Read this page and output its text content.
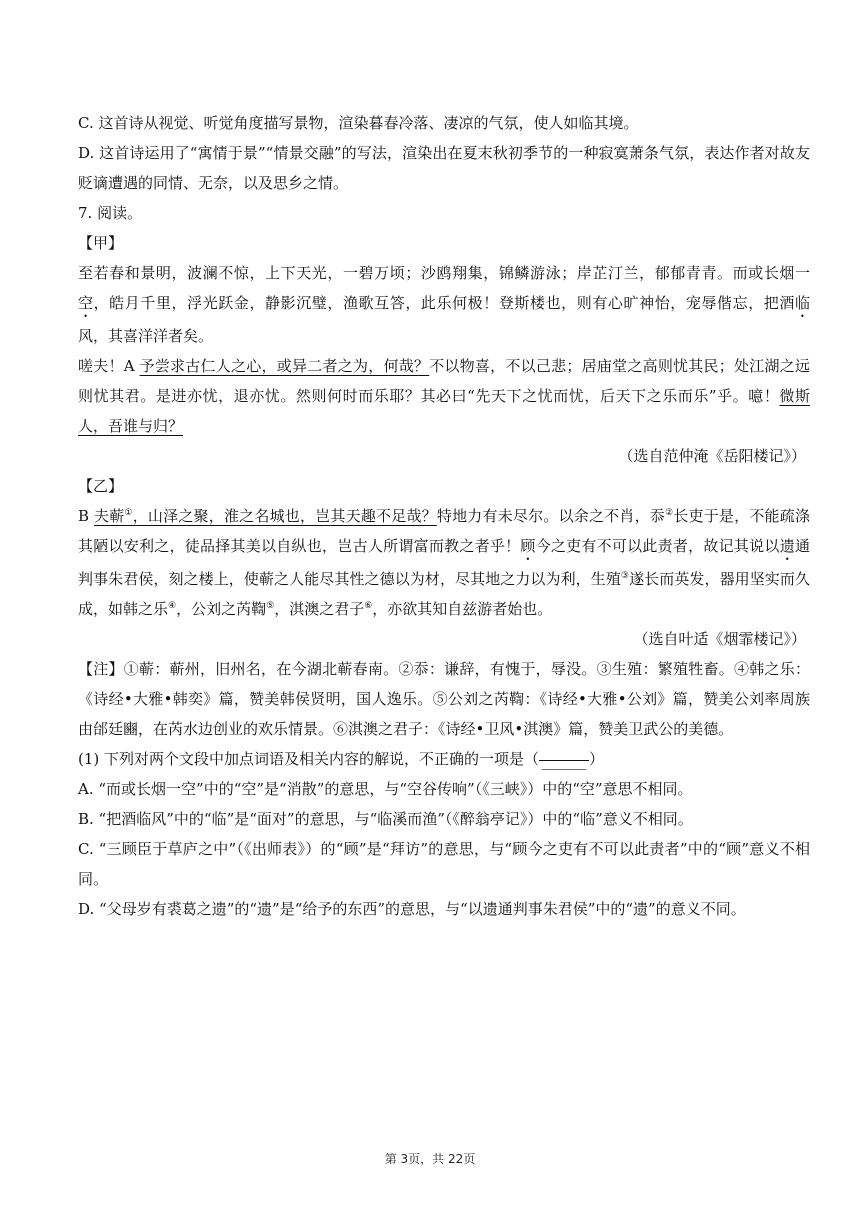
C. 这首诗从视觉、听觉角度描写景物，渲染暮春冷落、凄凉的气氛，使人如临其境。

D. 这首诗运用了“寓情于景”“情景交融”的写法，渲染出在夏末秋初季节的一种寂寞萧条气氛，表达作者对故友贬谪遭遇的同情、无奈，以及思乡之情。

7. 阅读。

【甲】

至若春和景明，波澜不惊，上下天光，一碧万顷；沙鸥翔集，锦鳞游泳；岸芷汀兰，郁郁青青。而或长烟一空，皓月千里，浮光跃金，静影沉璧，渔歌互答，此乐何极！登斯楼也，则有心旷神怡，宠辱偕忘，把酒临风，其喜洋洋者矣。

嗟夫！A 予尝求古仁人之心，或异二者之为，何哉？不以物喜，不以己悲；居庙堂之高则忧其民；处江湖之远则忧其君。是进亦忧，退亦忧。然则何时而乐耶？其必曰“先天下之忧而忧，后天下之乐而乐”乎。噫！微斯人，吾谁与归？

（选自范仲淹《岳阳楼记》）

【乙】

B 夫蕲①，山泽之聚，淮之名城也，岂其天趣不足哉？特地力有未尽尔。以余之不肖，忝②长吏于是，不能疏涤其陋以安利之，徒品择其美以自纵也，岂古人所谓富而教之者乎！顾今之吏有不可以此责者，故记其说以遗通判事朱君侯，刻之楼上，使蕲之人能尽其性之德以为材，尽其地之力以为利，生殖③遂长而英发，器用坚实而久成，如韩之乐④，公刘之芮鞫⑤，淇澳之君子⑥，亦欲其知自兹游者始也。

（选自叶适《烟霏楼记》）

【注】①蕲：蕲州，旧州名，在今湖北蕲春南。②忝：谦辞，有愧于，辱没。③生殖：繁殖牲畜。④韩之乐：《诗经•大雅•韩奕》篇，赞美韩侯贤明，国人逸乐。⑤公刘之芮鞫：《诗经•大雅•公刘》篇，赞美公刘率周族由邰廷豳，在芮水边创业的欢乐情景。⑥淇澳之君子：《诗经•卫风•淇澳》篇，赞美卫武公的美德。

(1) 下列对两个文段中加点词语及相关内容的解说，不正确的一项是（ ______ ）

A. “而或长烟一空”中的“空”是“消散”的意思，与“空谷传响”（《三峡》）中的“空”意思不相同。

B. “把酒临风”中的“临”是“面对”的意思，与“临溪而渔”（《醉翁亭记》）中的“临”意义不相同。

C. “三顾臣于草庐之中”（《出师表》）的“顾”是“拜访”的意思，与“顾今之吏有不可以此责者”中的“顾”意义不相同。

D. “父母岁有裘葛之遗”的“遗”是“给予的东西”的意思，与“以遗通判事朱君侯”中的“遗”的意义不同。

第 3页，共 22页
